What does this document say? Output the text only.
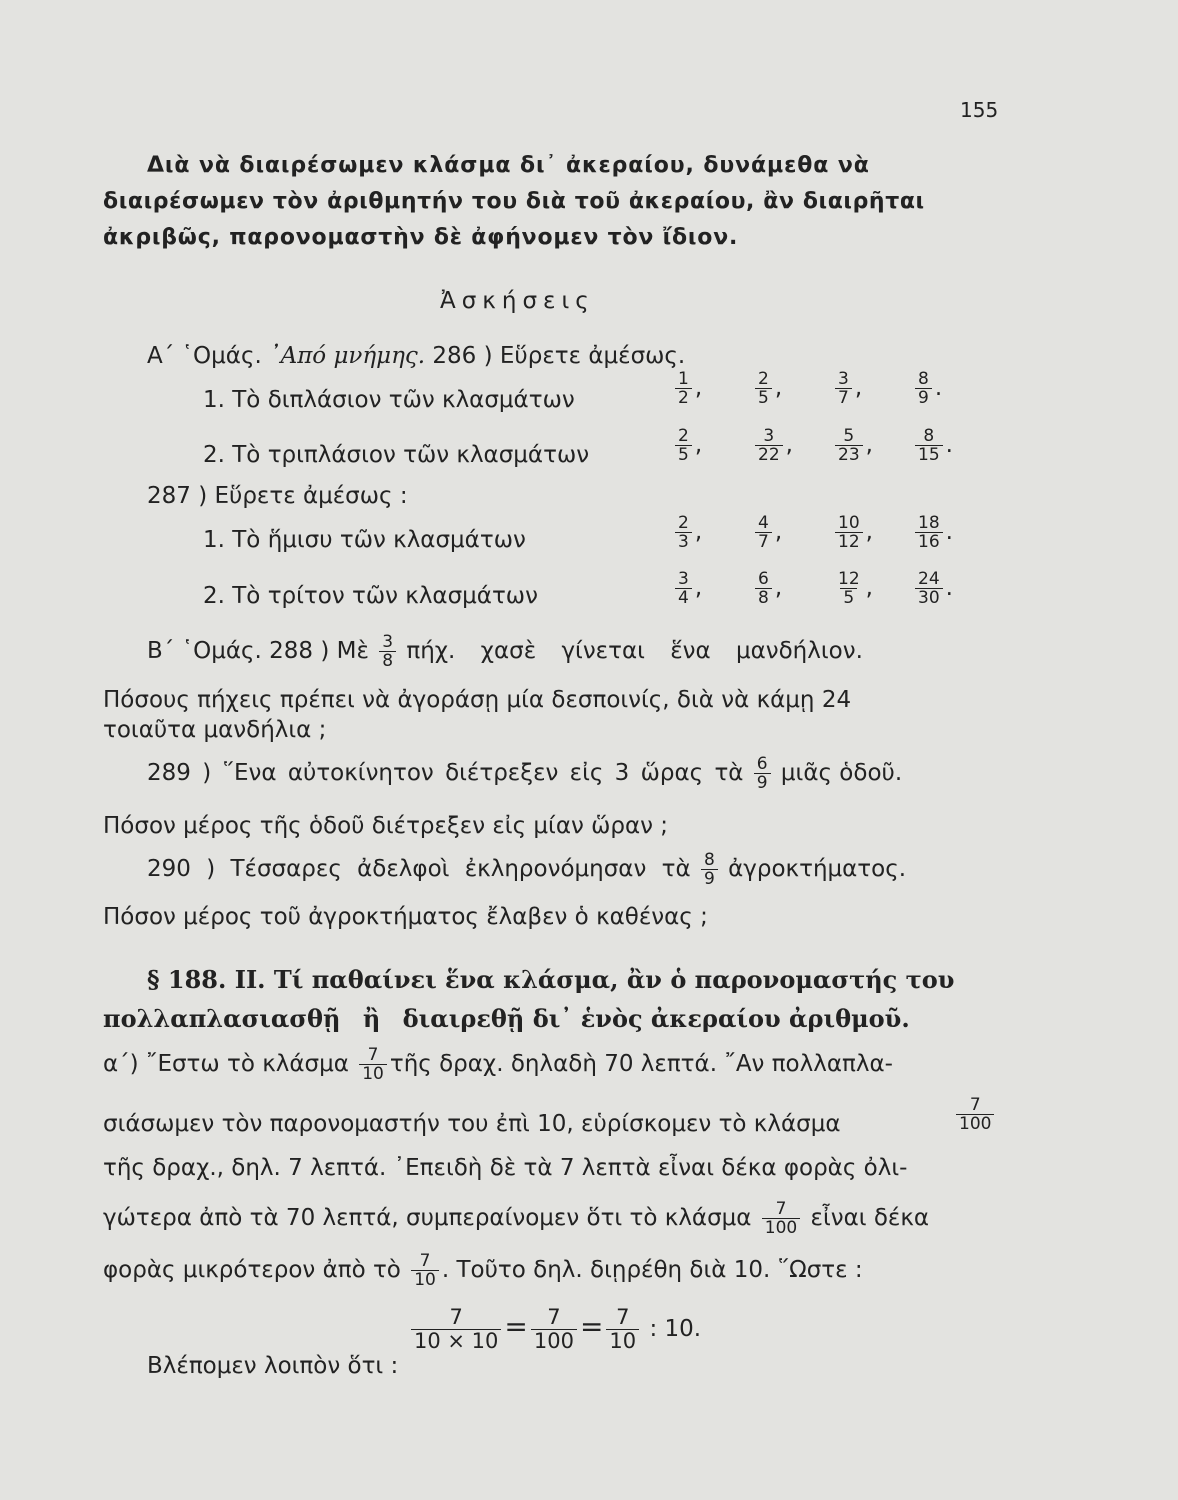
155
Διὰ νὰ διαιρέσωμεν κλάσμα δι᾿ ἀκεραίου, δυνάμεθα νὰ
διαιρέσωμεν τὸν ἀριθμητήν του διὰ τοῦ ἀκεραίου, ἂν διαιρῆται
ἀκριβῶς, παρονομαστὴν δὲ ἀφήνομεν τὸν ἴδιον.
Ἀσκήσεις
Α΄ ῾Ομάς. ᾿Από μνήμης. 286 ) Εὕρετε ἀμέσως.
1. Τὸ διπλάσιον τῶν κλασμάτων	$\frac{1}{2}$ ,	$\frac{2}{5}$ ,	$\frac{3}{7}$ ,	$\frac{8}{9}$ .
2. Τὸ τριπλάσιον τῶν κλασμάτων	$\frac{2}{5}$ ,	$\frac{3}{22}$ , $\frac{5}{23}$ , $\frac{8}{15}$ .
287 ) Εὕρετε ἀμέσως :
1. Τὸ ἥμισυ τῶν κλασμάτων	$\frac{2}{3}$ ,	$\frac{4}{7}$ ,	$\frac{10}{12}$ , $\frac{18}{16}$ .
2. Τὸ τρίτον τῶν κλασμάτων	$\frac{3}{4}$ ,	$\frac{6}{8}$ ,	$\frac{12}{5}$ , $\frac{24}{30}$ .
Β΄ ῾Ομάς. 288 ) Μὲ $\frac{3}{8} \pi ή\chi$. χασὲ γίνεται ἕνα μανδήλιον.
Πόσους πήχεις πρέπει νὰ ἀγοράσῃ μία δεσποινίς, διὰ νὰ κάμῃ 24
τοιαῦτα μανδήλια ;
289 ) ῞Ενα αὐτοκίνητον διέτρεξεν εἰς 3 ὥρας τὰ $\frac{6}{9}$ μιᾶς ὁδοῦ.
Πόσον μέρος τῆς ὁδοῦ διέτρεξεν εἰς μίαν ὥραν ;
290 ) Τέσσαρες ἀδελφοὶ ἐκληρονόμησαν τὰ $\frac{8}{9}$ ἀγροκτήματος.
Πόσον μέρος τοῦ ἀγροκτήματος ἔλαβεν ὁ καθένας ;
§ 188. ΙΙ. Τί παθαίνει ἕνα κλάσμα, ἂν ὁ παρονομαστής του
πολλαπλασιασθῇ ἢ διαιρεθῇ δι᾿ ἑνὸς ἀκεραίου ἀριθμοῦ.
α΄) ῎Εστω τὸ κλάσμα $\frac{7}{10}$ τῆς δραχ. δηλαδὴ 70 λεπτά. ῎Αν πολλαπλα-
σιάσωμεν τὸν παρονομαστήν του ἐπὶ 10, εὑρίσκομεν τὸ κλάσμα	$\frac{7}{100}$
τῆς δραχ., δηλ. 7 λεπτά. ᾿Επειδὴ δὲ τὰ 7 λεπτὰ εἶναι δέκα φορὰς ὀλι-
γώτερα ἀπὸ τὰ 70 λεπτά, συμπεραίνομεν ὅτι τὸ κλάσμα $\frac{7}{100}$ εἶναι δέκα
φορὰς μικρότερον ἀπὸ τὸ $\frac{7}{10}$ . Τοῦτο δηλ. διῃρέθη διὰ 10. ῞Ωστε :
$\frac{7}{10 \times 10} = \frac{7}{100} = \frac{7}{10}$ : 10.
Βλέπομεν λοιπὸν ὅτι :
